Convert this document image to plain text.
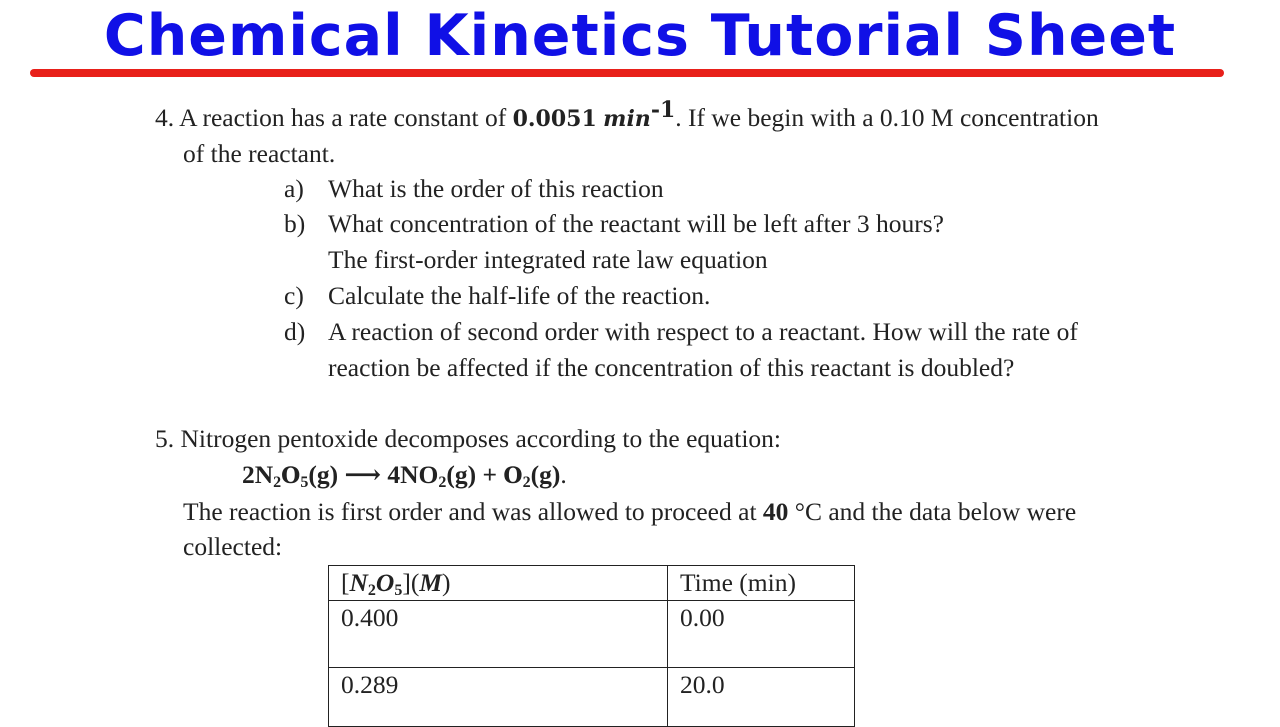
Chemical Kinetics Tutorial Sheet
4. A reaction has a rate constant of 0.0051 $\min^{-1}$. If we begin with a 0.10 M concentration
of the reactant.
a) What is the order of this reaction
b) What concentration of the reactant will be left after 3 hours?
The first-order integrated rate law equation
c) Calculate the half-life of the reaction.
d) A reaction of second order with respect to a reactant. How will the rate of
reaction be affected if the concentration of this reactant is doubled?
5. Nitrogen pentoxide decomposes according to the equation:
$2N_2O_5(g)$ ⟶ $4NO_2(g) + O_2(g)$.
The reaction is first order and was allowed to proceed at 40 °C and the data below were
collected:
$[N_2O_5](M)$	Time (min)
0.400	0.00
0.289	20.0
